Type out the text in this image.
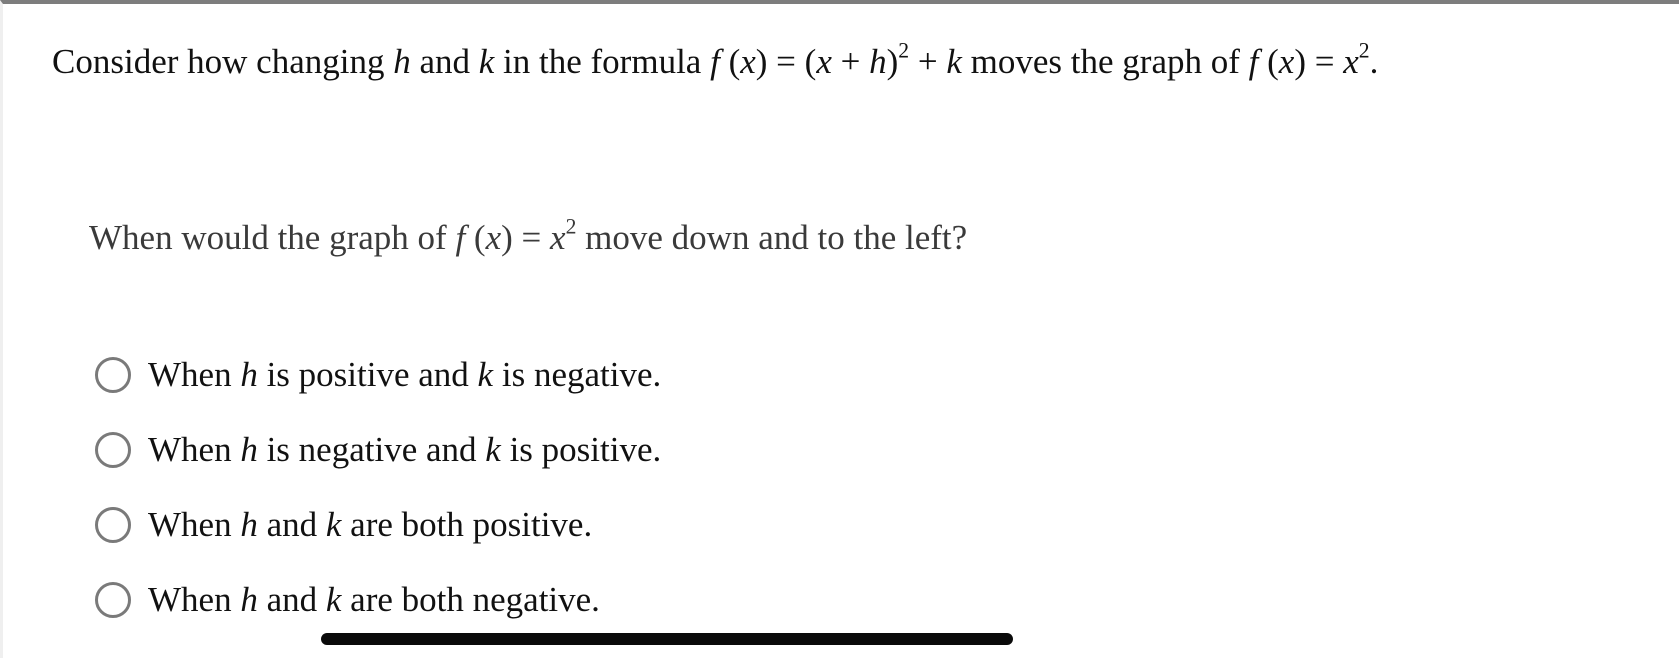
Consider how changing h and k in the formula f $(x) = (x + h)^2 + k$ moves the graph of f $(x) = x^2$.
When would the graph of f $(x) = x^2$ move down and to the left?
When h is positive and k is negative.
When h is negative and k is positive.
When h and k are both positive.
When h and k are both negative.
